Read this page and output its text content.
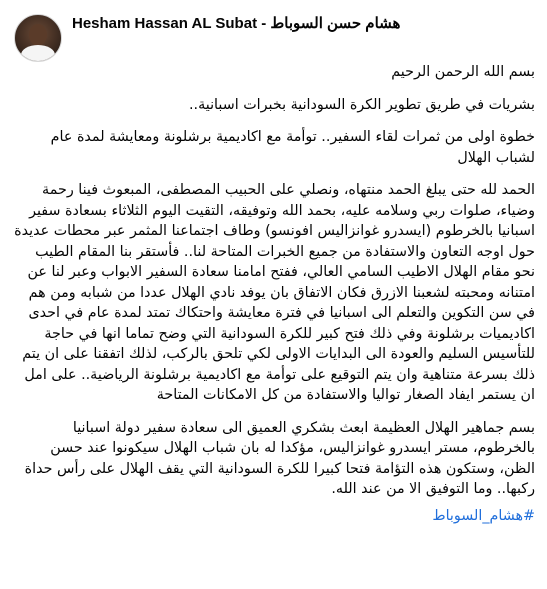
Hesham Hassan AL Subat - هشام حسن السوباط

بسم الله الرحمن الرحيم

بشريات في طريق تطوير الكرة السودانية بخبرات اسبانية..

خطوة اولى من ثمرات لقاء السفير.. توأمة مع اكاديمية برشلونة ومعايشة لمدة عام لشباب الهلال

الحمد لله حتى يبلغ الحمد منتهاه، ونصلي على الحبيب المصطفى، المبعوث فينا رحمة وضياء، صلوات ربي وسلامه عليه، بحمد الله وتوفيقه، التقيت اليوم الثلاثاء بسعادة سفير اسبانيا بالخرطوم (ايسدرو غوانزاليس افونسو) وطاف اجتماعنا المثمر عبر محطات عديدة حول اوجه التعاون والاستفادة من جميع الخبرات المتاحة لنا.. فأستقر بنا المقام الطيب نحو مقام الهلال الاطيب السامي العالي، ففتح امامنا سعادة السفير الابواب وعبر لنا عن امتنانه ومحبته لشعبنا الازرق فكان الاتفاق بان يوفد نادي الهلال عددا من شبابه ومن هم في سن التكوين والتعلم الى اسبانيا في فترة معايشة واحتكاك تمتد لمدة عام في احدى اكاديميات برشلونة وفي ذلك فتح كبير للكرة السودانية التي وضح تماما انها في حاجة للتأسيس السليم والعودة الى البدايات الاولى لكي تلحق بالركب، لذلك اتفقنا على ان يتم ذلك بسرعة متناهية وان يتم التوقيع على توأمة مع اكاديمية برشلونة الرياضية.. على امل ان يستمر ايفاد الصغار تواليا والاستفادة من كل الامكانات المتاحة

بسم جماهير الهلال العظيمة ابعث بشكري العميق الى سعادة سفير دولة اسبانيا بالخرطوم، مستر ايسدرو غوانزاليس، مؤكدا له بان شباب الهلال سيكونوا عند حسن الظن، وستكون هذه التؤامة فتحا كبيرا للكرة السودانية التي يقف الهلال على رأس حداة ركبها.. وما التوفيق الا من عند الله.

#هشام_السوباط
